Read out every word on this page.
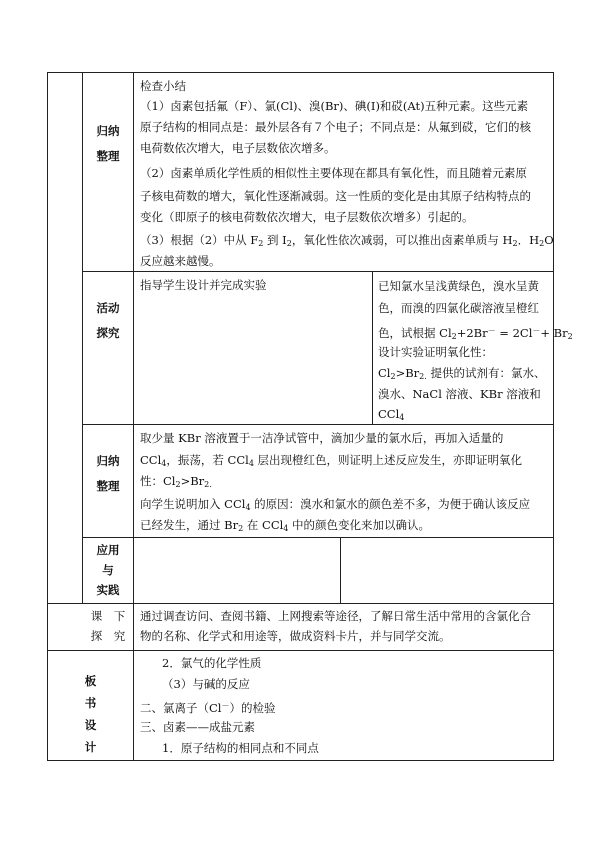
归纳
整理
检查小结
（1）卤素包括氟（F）、氯(Cl)、溴(Br)、碘(I)和砹(At)五种元素。这些元素
原子结构的相同点是：最外层各有７个电子；不同点是：从氟到砹，它们的核
电荷数依次增大，电子层数依次增多。
（2）卤素单质化学性质的相似性主要体现在都具有氧化性，而且随着元素原
子核电荷数的增大，氧化性逐渐减弱。这一性质的变化是由其原子结构特点的
变化（即原子的核电荷数依次增大，电子层数依次增多）引起的。
（3）根据（2）中从 $F_2$ 到 $I_2$，氧化性依次减弱，可以推出卤素单质与 $H_2$．$H_2O$
反应越来越慢。
活动
探究
指导学生设计并完成实验	已知氯水呈浅黄绿色，溴水呈黄
色，而溴的四氯化碳溶液呈橙红
色，试根据 $Cl_2+2Br^- = 2Cl^-+ Br_2$
设计实验证明氧化性：
$Cl_2>Br_{2.}$ 提供的试剂有：氯水、
溴水、NaCl 溶液、KBr 溶液和
CCl$_4$
归纳
整理
取少量 KBr 溶液置于一洁净试管中，滴加少量的氯水后，再加入适量的
CCl$_4$，振荡，若 CCl$_4$ 层出现橙红色，则证明上述反应发生，亦即证明氧化
性：$Cl_2>Br_{2.}$
向学生说明加入 CCl$_4$ 的原因：溴水和氯水的颜色差不多，为便于确认该反应
已经发生，通过 $Br_2$ 在 CCl$_4$ 中的颜色变化来加以确认。
应用
与
实践
课　下
探　究
通过调查访问、查阅书籍、上网搜索等途径，了解日常生活中常用的含氯化合
物的名称、化学式和用途等，做成资料卡片，并与同学交流。
板
书
设
计
2．氯气的化学性质
（3）与碱的反应
二、氯离子（Cl－）的检验
三、卤素——成盐元素
1．原子结构的相同点和不同点
